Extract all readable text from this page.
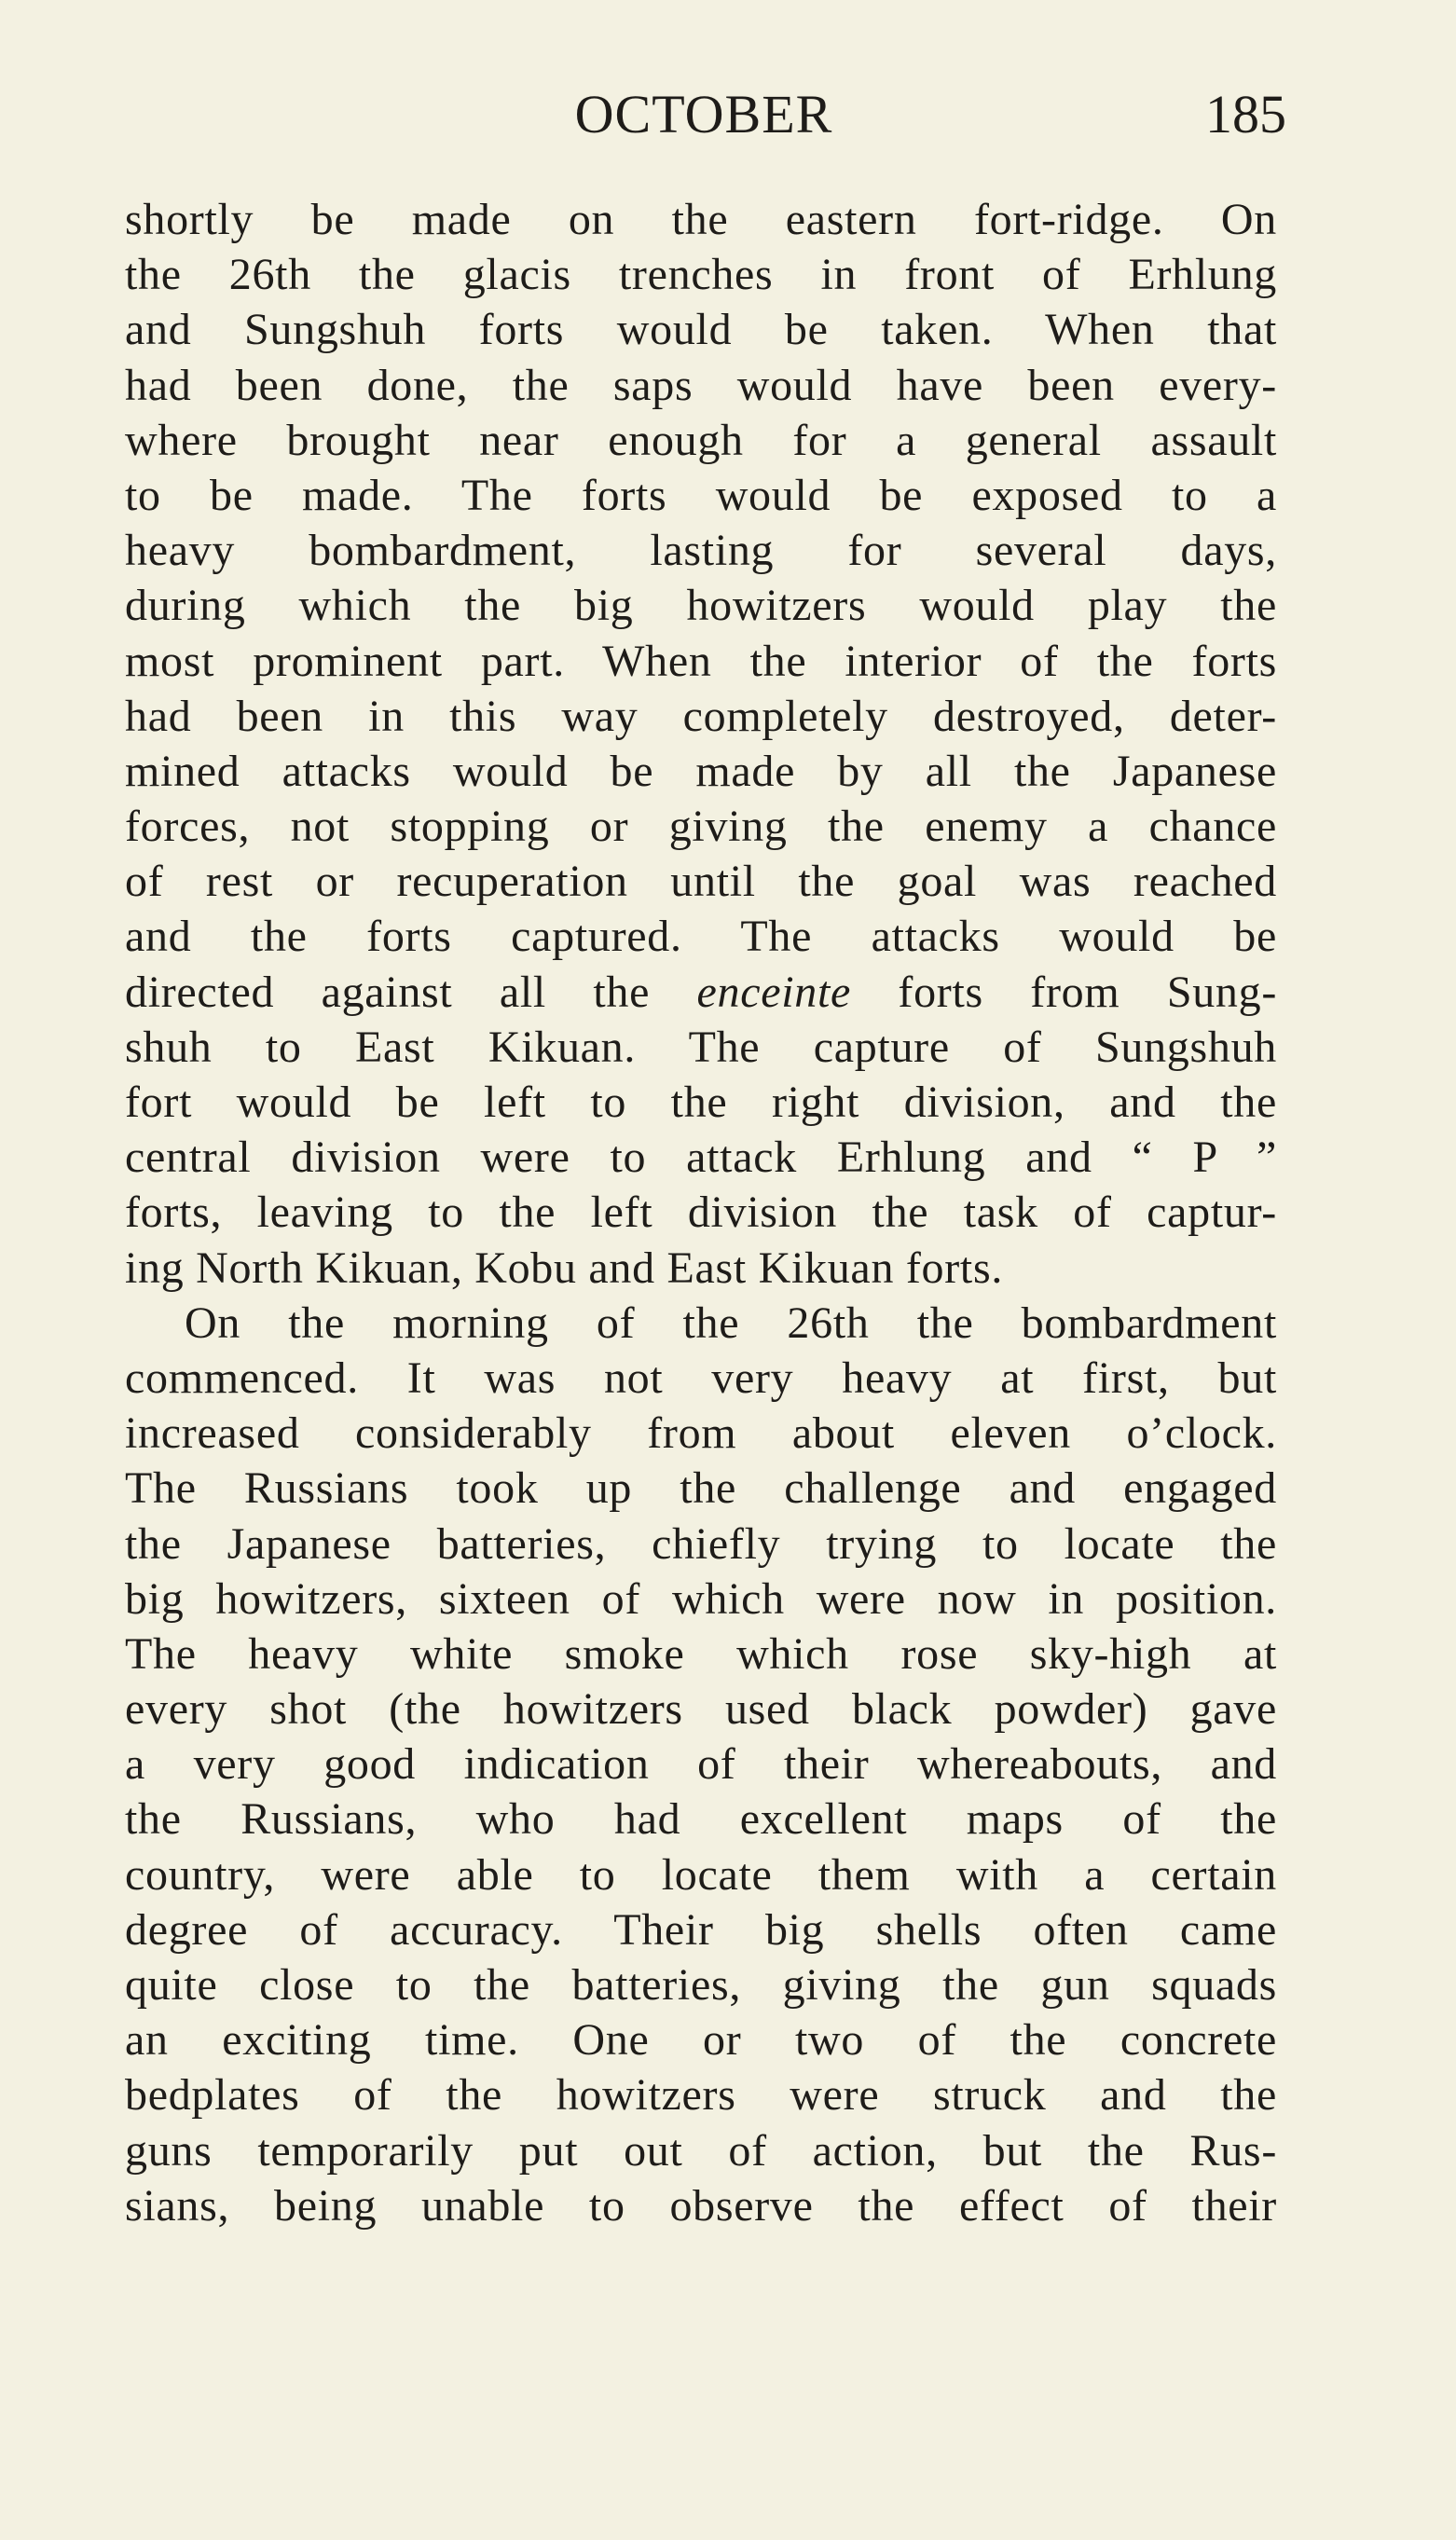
OCTOBER	185
shortly be made on the eastern fort-ridge. On
the 26th the glacis trenches in front of Erhlung
and Sungshuh forts would be taken. When that
had been done, the saps would have been every-
where brought near enough for a general assault
to be made. The forts would be exposed to a
heavy bombardment, lasting for several days,
during which the big howitzers would play the
most prominent part. When the interior of the forts
had been in this way completely destroyed, deter-
mined attacks would be made by all the Japanese
forces, not stopping or giving the enemy a chance
of rest or recuperation until the goal was reached
and the forts captured. The attacks would be
directed against all the enceinte forts from Sung-
shuh to East Kikuan. The capture of Sungshuh
fort would be left to the right division, and the
central division were to attack Erhlung and “ P ”
forts, leaving to the left division the task of captur-
ing North Kikuan, Kobu and East Kikuan forts.
On the morning of the 26th the bombardment
commenced. It was not very heavy at first, but
increased considerably from about eleven o’clock.
The Russians took up the challenge and engaged
the Japanese batteries, chiefly trying to locate the
big howitzers, sixteen of which were now in position.
The heavy white smoke which rose sky-high at
every shot (the howitzers used black powder) gave
a very good indication of their whereabouts, and
the Russians, who had excellent maps of the
country, were able to locate them with a certain
degree of accuracy. Their big shells often came
quite close to the batteries, giving the gun squads
an exciting time. One or two of the concrete
bedplates of the howitzers were struck and the
guns temporarily put out of action, but the Rus-
sians, being unable to observe the effect of their
